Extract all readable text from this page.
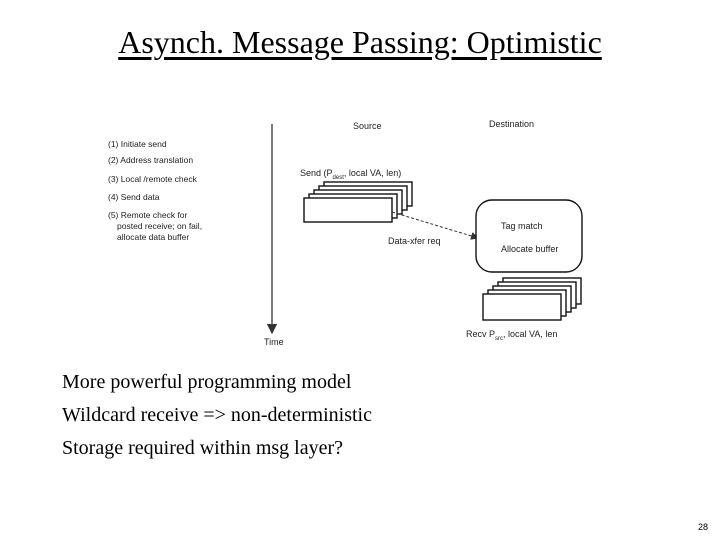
Asynch. Message Passing: Optimistic
Time
Source	Destination
(1) Initiate send
(2) Address translation
(3) Local /remote check
(4) Send data
(5) Remote check for
posted receive; on fail,
allocate data buffer
Send ($P_{dest}$, local VA, len)
Data-xfer req
Tag match
Allocate buffer
Recv $P_{src}$, local VA, len
More powerful programming model
Wildcard receive => non-deterministic
Storage required within msg layer?
28
